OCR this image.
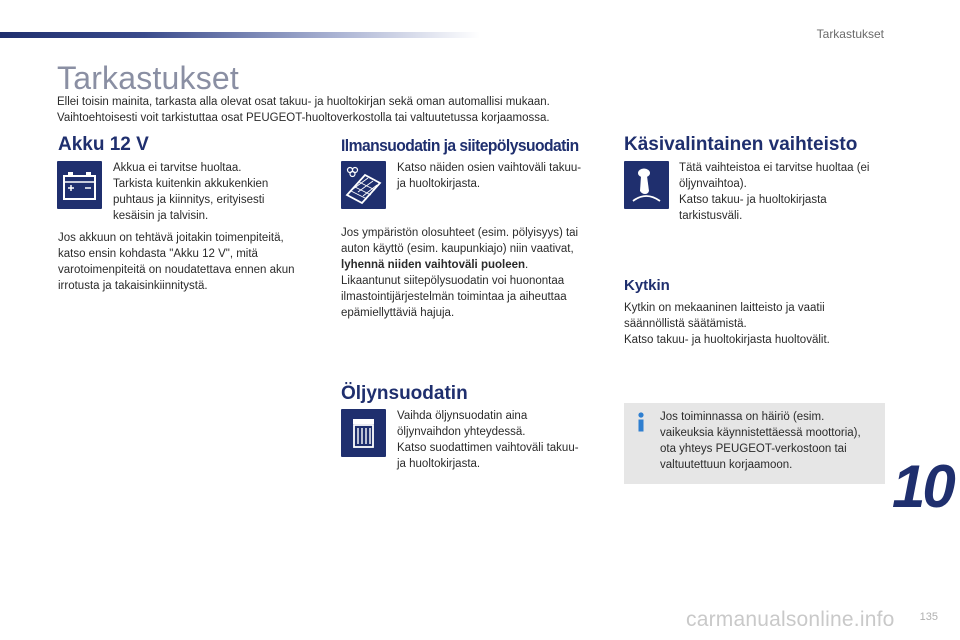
Tarkastukset
Tarkastukset

Ellei toisin mainita, tarkasta alla olevat osat takuu- ja huoltokirjan sekä oman automallisi mukaan.

Vaihtoehtoisesti voit tarkistuttaa osat PEUGEOT-huoltoverkostolla tai valtuutetussa korjaamossa.

Akku 12 V

Akkua ei tarvitse huoltaa.

Tarkista kuitenkin akkukenkien

puhtaus ja kiinnitys, erityisesti

kesäisin ja talvisin.

Jos akkuun on tehtävä joitakin toimenpiteitä,

katso ensin kohdasta "Akku 12 V", mitä

varotoimenpiteitä on noudatettava ennen akun

irrotusta ja takaisinkiinnitystä.

Ilmansuodatin ja siitepölysuodatin

Katso näiden osien vaihtoväli takuu-

ja huoltokirjasta.

Jos ympäristön olosuhteet (esim. pölyisyys) tai

auton käyttö (esim. kaupunkiajo) niin vaativat,

lyhennä niiden vaihtoväli puoleen.

Likaantunut siitepölysuodatin voi huonontaa

ilmastointijärjestelmän toimintaa ja aiheuttaa

epämiellyttäviä hajuja.

Öljynsuodatin

Vaihda öljynsuodatin aina

öljynvaihdon yhteydessä.

Katso suodattimen vaihtoväli takuu-

ja huoltokirjasta.

Käsivalintainen vaihteisto

Tätä vaihteistoa ei tarvitse huoltaa (ei

öljynvaihtoa).

Katso takuu- ja huoltokirjasta

tarkistusväli.

Kytkin

Kytkin on mekaaninen laitteisto ja vaatii

säännöllistä säätämistä.

Katso takuu- ja huoltokirjasta huoltovälit.

Jos toiminnassa on häiriö (esim.

vaikeuksia käynnistettäessä moottoria),

ota yhteys PEUGEOT-verkostoon tai

valtuutettuun korjaamoon.	10
carmanualsonline.info 135
